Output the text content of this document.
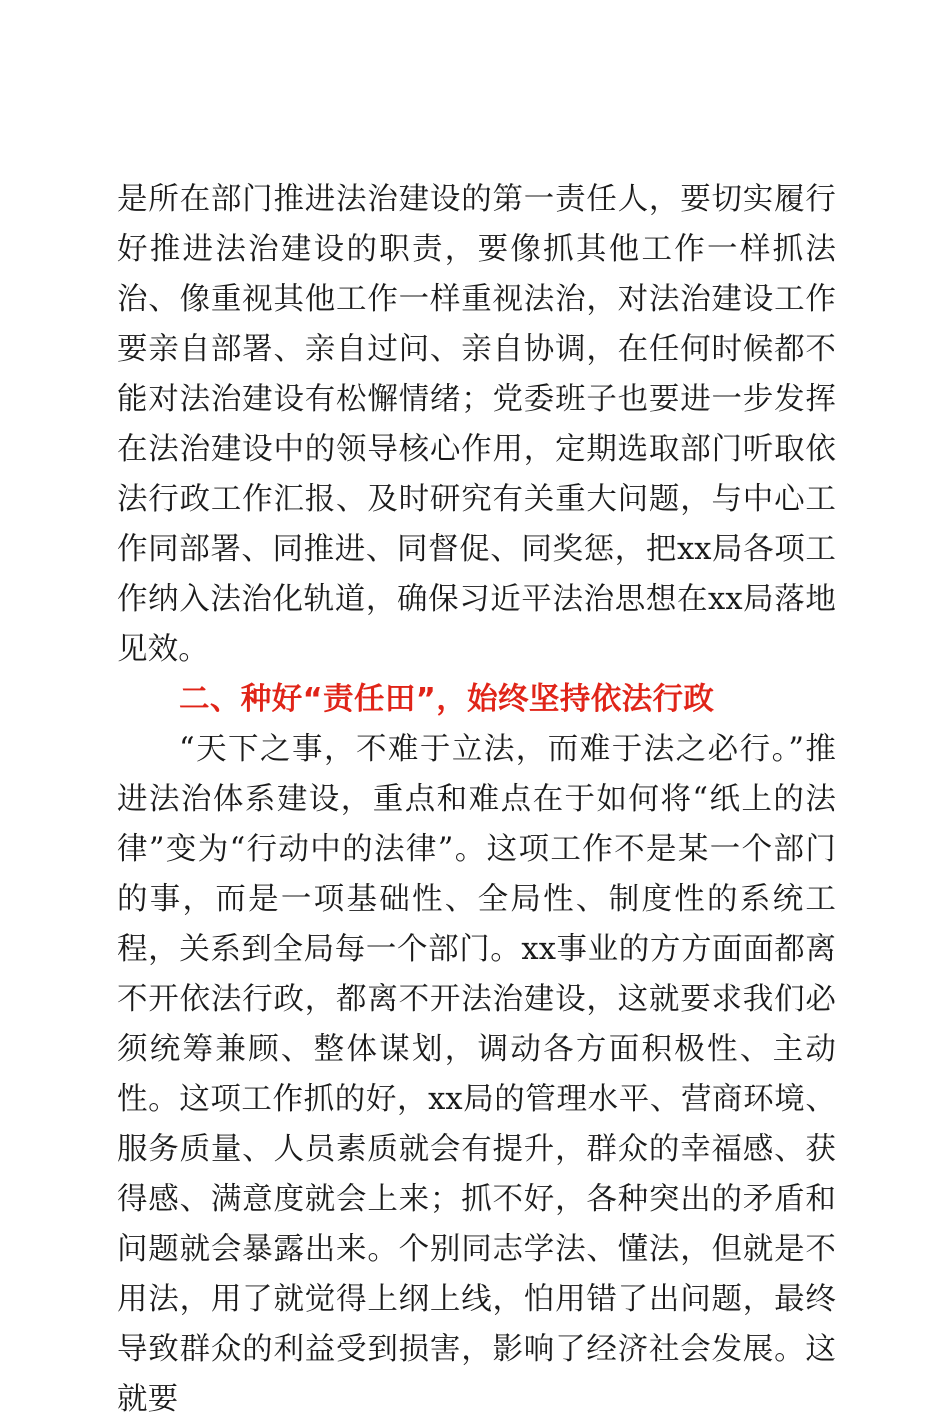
是所在部门推进法治建设的第一责任人，要切实履行好推进法治建设的职责，要像抓其他工作一样抓法治、像重视其他工作一样重视法治，对法治建设工作要亲自部署、亲自过问、亲自协调，在任何时候都不能对法治建设有松懈情绪；党委班子也要进一步发挥在法治建设中的领导核心作用，定期选取部门听取依法行政工作汇报、及时研究有关重大问题，与中心工作同部署、同推进、同督促、同奖惩，把xx局各项工作纳入法治化轨道，确保习近平法治思想在xx局落地见效。

二、种好“责任田”，始终坚持依法行政

“天下之事，不难于立法，而难于法之必行。”推进法治体系建设，重点和难点在于如何将“纸上的法律”变为“行动中的法律”。这项工作不是某一个部门的事，而是一项基础性、全局性、制度性的系统工程，关系到全局每一个部门。xx事业的方方面面都离不开依法行政，都离不开法治建设，这就要求我们必须统筹兼顾、整体谋划，调动各方面积极性、主动性。这项工作抓的好，xx局的管理水平、营商环境、服务质量、人员素质就会有提升，群众的幸福感、获得感、满意度就会上来；抓不好，各种突出的矛盾和问题就会暴露出来。个别同志学法、懂法，但就是不用法，用了就觉得上纲上线，怕用错了出问题，最终导致群众的利益受到损害，影响了经济社会发展。这就要
